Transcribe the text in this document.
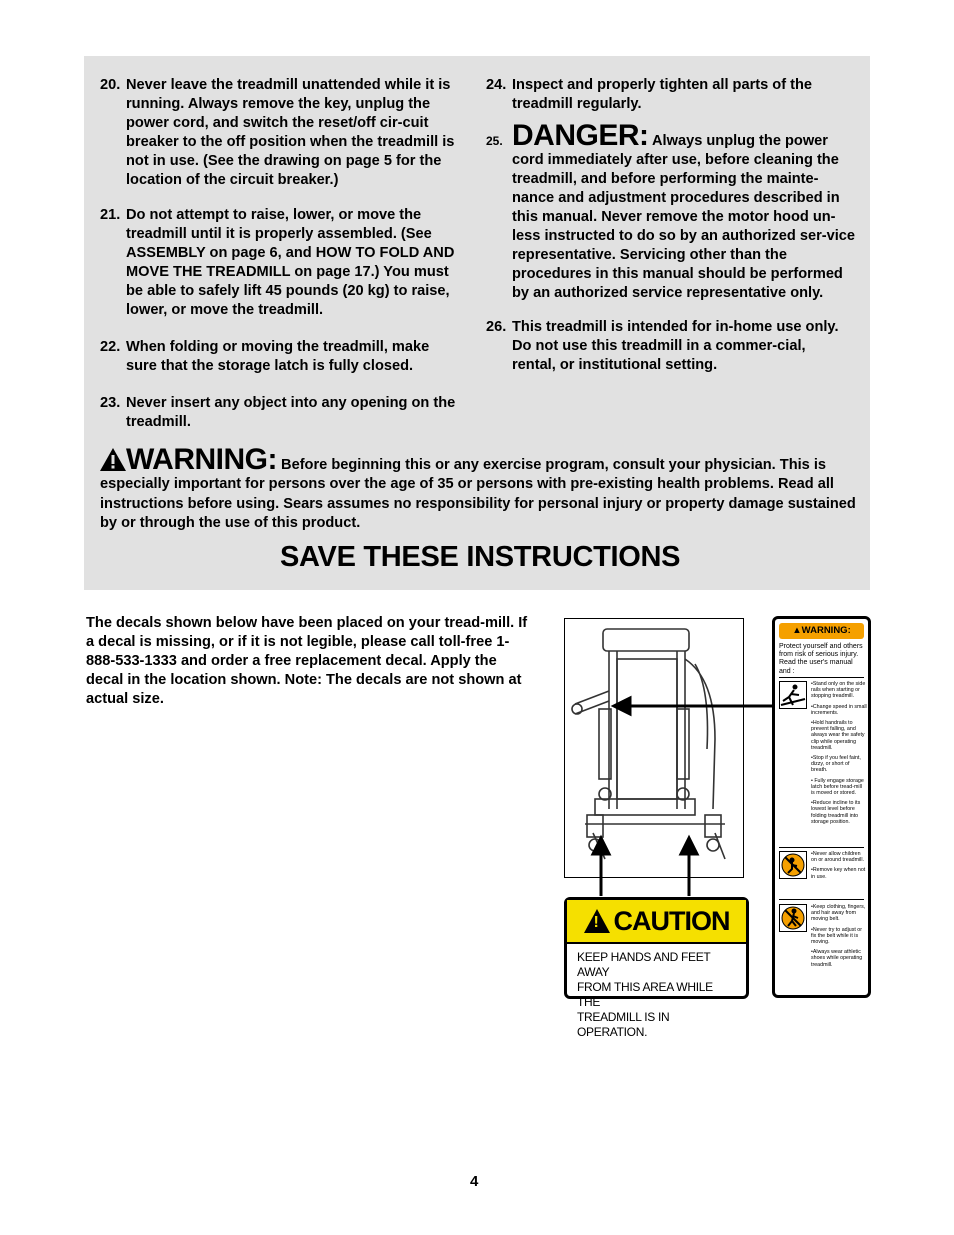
20. Never leave the treadmill unattended while it is running. Always remove the key, unplug the power cord, and switch the reset/off cir-cuit breaker to the off position when the treadmill is not in use. (See the drawing on page 5 for the location of the circuit breaker.)
21. Do not attempt to raise, lower, or move the treadmill until it is properly assembled. (See ASSEMBLY on page 6, and HOW TO FOLD AND MOVE THE TREADMILL on page 17.) You must be able to safely lift 45 pounds (20 kg) to raise, lower, or move the treadmill.
22. When folding or moving the treadmill, make sure that the storage latch is fully closed.
23. Never insert any object into any opening on the treadmill.
24. Inspect and properly tighten all parts of the treadmill regularly.
25. DANGER: Always unplug the power cord immediately after use, before cleaning the treadmill, and before performing the mainte-nance and adjustment procedures described in this manual. Never remove the motor hood un-less instructed to do so by an authorized ser-vice representative. Servicing other than the procedures in this manual should be performed by an authorized service representative only.
26. This treadmill is intended for in-home use only. Do not use this treadmill in a commer-cial, rental, or institutional setting.
WARNING: Before beginning this or any exercise program, consult your physician. This is especially important for persons over the age of 35 or persons with pre-existing health problems. Read all instructions before using. Sears assumes no responsibility for personal injury or property damage sustained by or through the use of this product.
SAVE THESE INSTRUCTIONS
The decals shown below have been placed on your tread-mill. If a decal is missing, or if it is not legible, please call toll-free 1-888-533-1333 and order a free replacement decal. Apply the decal in the location shown. Note: The decals are not shown at actual size.
!
CAUTION
KEEP HANDS AND FEET AWAY
FROM THIS AREA WHILE THE
TREADMILL IS IN OPERATION.
▲WARNING:
Protect yourself and others from risk of serious injury. Read the user's manual and :
•Stand only on the side rails when starting or stopping treadmill.
•Change speed in small increments.
•Hold handrails to prevent falling, and always wear the safety clip while operating treadmill.
•Stop if you feel faint, dizzy, or short of breath.
• Fully engage storage latch before tread-mill is moved or stored.
•Reduce incline to its lowest level before folding treadmill into storage position.
•Never allow children on or around treadmill.
•Remove key when not in use.
•Keep clothing, fingers, and hair away from moving belt.
•Never try to adjust or fix the belt while it is moving.
•Always wear athletic shoes while operating treadmill.
4
